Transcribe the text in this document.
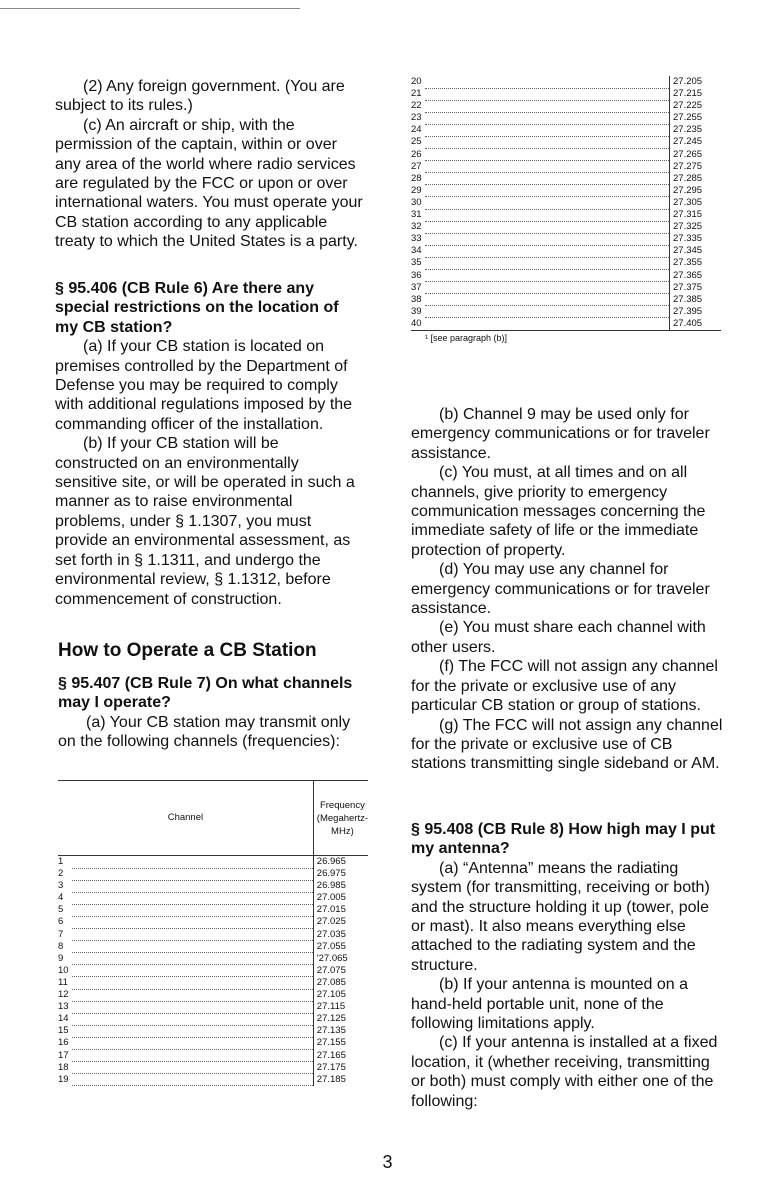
(2) Any foreign government. (You are subject to its rules.)

(c) An aircraft or ship, with the permission of the captain, within or over any area of the world where radio services are regulated by the FCC or upon or over international waters. You must operate your CB station according to any applicable treaty to which the United States is a party.

§ 95.406 (CB Rule 6) Are there any special restrictions on the location of my CB station?

(a) If your CB station is located on premises controlled by the Department of Defense you may be required to comply with additional regulations imposed by the commanding officer of the installation.

(b) If your CB station will be constructed on an environmentally sensitive site, or will be operated in such a manner as to raise environmental problems, under § 1.1307, you must provide an environmental assessment, as set forth in § 1.1311, and undergo the environmental review, § 1.1312, before commencement of construction.

How to Operate a CB Station
§ 95.407 (CB Rule 7) On what channels may I operate?

(a) Your CB station may transmit only on the following channels (frequencies):

Channel		Frequency (Megahertz-MHz)
1		26.965
2		26.975
3		26.985
4		27.005
5		27.015
6		27.025
7		27.035
8		27.055
9		'27.065
10		27.075
11		27.085
12		27.105
13		27.115
14		27.125
15		27.135
16		27.155
17		27.165
18		27.175
19		27.185
20		27.205
21		27.215
22		27.225
23		27.255
24		27.235
25		27.245
26		27.265
27		27.275
28		27.285
29		27.295
30		27.305
31		27.315
32		27.325
33		27.335
34		27.345
35		27.355
36		27.365
37		27.375
38		27.385
39		27.395
40		27.405
¹ [see paragraph (b)]

(b) Channel 9 may be used only for emergency communications or for traveler assistance.

(c) You must, at all times and on all channels, give priority to emergency communication messages concerning the immediate safety of life or the immediate protection of property.

(d) You may use any channel for emergency communications or for traveler assistance.

(e) You must share each channel with other users.

(f) The FCC will not assign any channel for the private or exclusive use of any particular CB station or group of stations.

(g) The FCC will not assign any channel for the private or exclusive use of CB stations transmitting single sideband or AM.

§ 95.408 (CB Rule 8) How high may I put my antenna?

(a) “Antenna” means the radiating system (for transmitting, receiving or both) and the structure holding it up (tower, pole or mast). It also means everything else attached to the radiating system and the structure.

(b) If your antenna is mounted on a hand-held portable unit, none of the following limitations apply.

(c) If your antenna is installed at a fixed location, it (whether receiving, transmitting or both) must comply with either one of the following:

3
